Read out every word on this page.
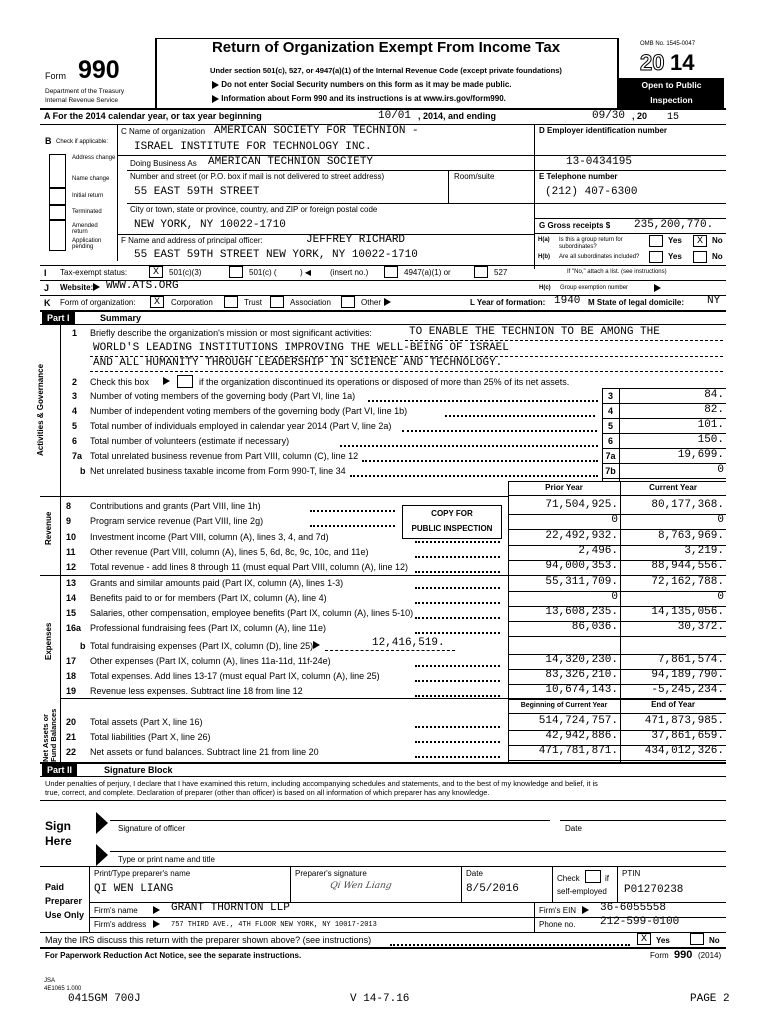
Form 990
Department of the Treasury
Internal Revenue Service
Return of Organization Exempt From Income Tax
Under section 501(c), 527, or 4947(a)(1) of the Internal Revenue Code (except private foundations)
Do not enter Social Security numbers on this form as it may be made public.
Information about Form 990 and its instructions is at www.irs.gov/form990.
OMB No. 1545-0047
20 14
Open to Public
Inspection
A For the 2014 calendar year, or tax year beginning	10/01 , 2014, and ending	09/30 , 20 15
B Check if applicable:
Address change
Name change
Initial return
Terminated
Amended return
Application pending
C Name of organization AMERICAN SOCIETY FOR TECHNION -
ISRAEL INSTITUTE FOR TECHNOLOGY INC.
Doing Business As AMERICAN TECHNION SOCIETY
Number and street (or P.O. box if mail is not delivered to street address)	Room/suite
55 EAST 59TH STREET
City or town, state or province, country, and ZIP or foreign postal code
NEW YORK, NY 10022-1710
F Name and address of principal officer:	JEFFREY RICHARD
55 EAST 59TH STREET NEW YORK, NY 10022-1710
D Employer identification number
13-0434195
E Telephone number
(212) 407-6300
G Gross receipts $ 235,200,770.
H(a) Is this a group return for
subordinates?
Yes	X	No
H(b) Are all subordinates included?	Yes	No
If "No," attach a list. (see instructions)
I Tax-exempt status:	X	501(c)(3)	501(c) (	) ◀ (insert no.)	4947(a)(1) or	527
J Website: WWW.ATS.ORG	H(c) Group exemption number
K Form of organization:	X	Corporation	Trust	Association	Other	L Year of formation: 1940 M State of legal domicile: NY
Part I	Summary
Activities & Governance
Revenue
Expenses
Net Assets or Fund Balances
1 Briefly describe the organization's mission or most significant activities:	TO ENABLE THE TECHNION TO BE AMONG THE
WORLD'S LEADING INSTITUTIONS IMPROVING THE WELL-BEING OF ISRAEL
AND ALL HUMANITY THROUGH LEADERSHIP IN SCIENCE AND TECHNOLOGY.
2 Check this box	if the organization discontinued its operations or disposed of more than 25% of its net assets.
Prior Year	Current Year
COPY FOR
PUBLIC INSPECTION
Beginning of Current Year	End of Year
Part II	Signature Block
Under penalties of perjury, I declare that I have examined this return, including accompanying schedules and statements, and to the best of my knowledge and belief, it is
true, correct, and complete. Declaration of preparer (other than officer) is based on all information of which preparer has any knowledge.
Sign
Here
Signature of officer	Date
Type or print name and title
Paid
Preparer
Use Only
Print/Type preparer's name
QI WEN LIANG
Preparer's signature
Qi Wen Liang
Date
8/5/2016
Check	if
self-employed
PTIN
P01270238
Firm's name	GRANT THORNTON LLP	Firm's EIN 36-6055558
Firm's address	757 THIRD AVE., 4TH FLOOR NEW YORK, NY 10017-2013	Phone no. 212-599-0100
May the IRS discuss this return with the preparer shown above? (see instructions)	X	Yes	No
For Paperwork Reduction Act Notice, see the separate instructions.	Form 990 (2014)
JSA
4E1065 1.000
0415GM 700J	V 14-7.16	PAGE 2
3 Number of voting members of the governing body (Part VI, line 1a)	3	84.
4 Number of independent voting members of the governing body (Part VI, line 1b)	4	82.
5 Total number of individuals employed in calendar year 2014 (Part V, line 2a)	5	101.
6 Total number of volunteers (estimate if necessary)	6	150.
7a Total unrelated business revenue from Part VIII, column (C), line 12	7a	19,699.
b Net unrelated business taxable income from Form 990-T, line 34	7b	0
8 Contributions and grants (Part VIII, line 1h)	71,504,925.	80,177,368.
9 Program service revenue (Part VIII, line 2g)	0	0
10 Investment income (Part VIII, column (A), lines 3, 4, and 7d)	22,492,932.	8,763,969.
11 Other revenue (Part VIII, column (A), lines 5, 6d, 8c, 9c, 10c, and 11e)	2,496.	3,219.
12 Total revenue - add lines 8 through 11 (must equal Part VIII, column (A), line 12)	94,000,353.	88,944,556.
13 Grants and similar amounts paid (Part IX, column (A), lines 1-3)	55,311,709.	72,162,788.
14 Benefits paid to or for members (Part IX, column (A), line 4)	0	0
15 Salaries, other compensation, employee benefits (Part IX, column (A), lines 5-10)	13,608,235.	14,135,056.
16a Professional fundraising fees (Part IX, column (A), line 11e)	86,036.	30,372.
b Total fundraising expenses (Part IX, column (D), line 25)	12,416,519.
17 Other expenses (Part IX, column (A), lines 11a-11d, 11f-24e)	14,320,230.	7,861,574.
18 Total expenses. Add lines 13-17 (must equal Part IX, column (A), line 25)	83,326,210.	94,189,790.
19 Revenue less expenses. Subtract line 18 from line 12	10,674,143.	-5,245,234.
20 Total assets (Part X, line 16)	514,724,757.	471,873,985.
21 Total liabilities (Part X, line 26)	42,942,886.	37,861,659.
22 Net assets or fund balances. Subtract line 21 from line 20	471,781,871.	434,012,326.
